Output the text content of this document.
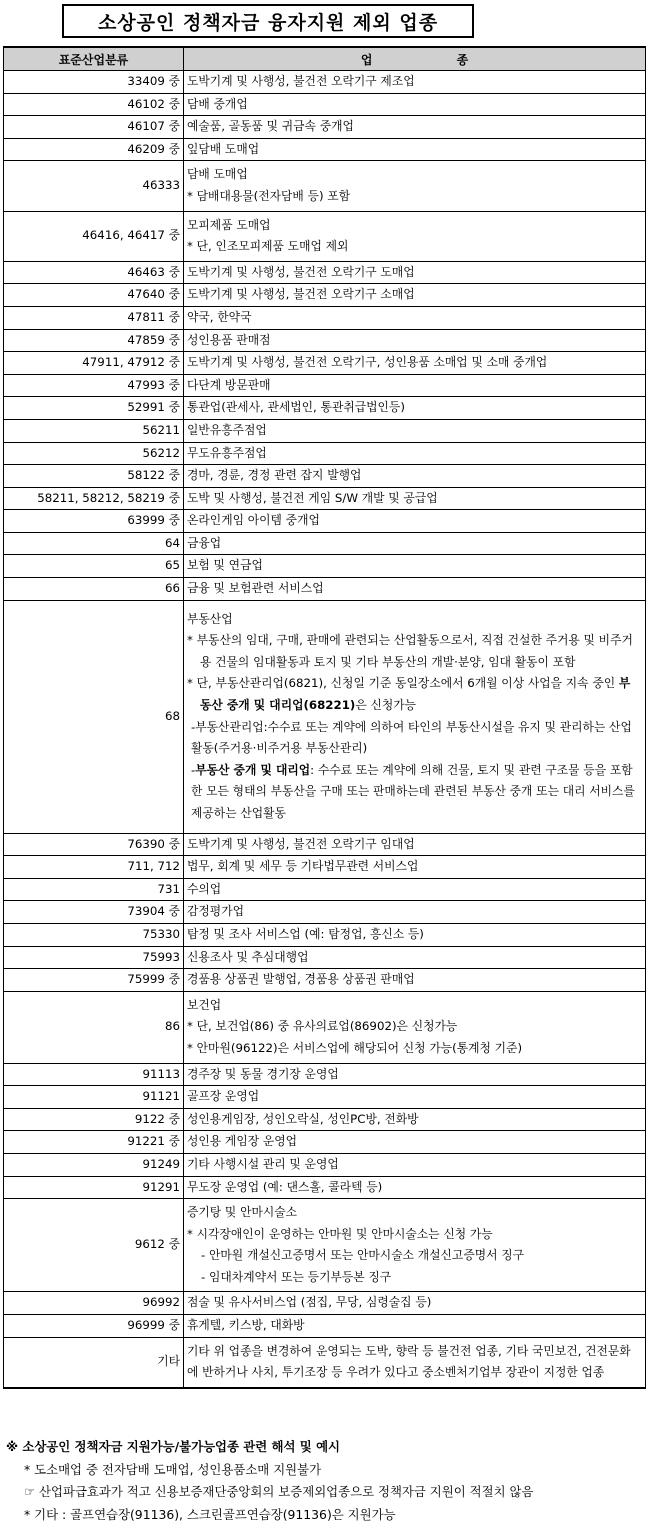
소상공인 정책자금 융자지원 제외 업종
표준산업분류	업 종
33409 중	도박기계 및 사행성, 불건전 오락기구 제조업

46102 중	담배 중개업

46107 중	예술품, 골동품 및 귀금속 중개업

46209 중	잎담배 도매업

46333	담배 도매업
* 담배대용물(전자담배 등) 포함

46416, 46417 중	모피제품 도매업
* 단, 인조모피제품 도매업 제외

46463 중	도박기계 및 사행성, 불건전 오락기구 도매업

47640 중	도박기계 및 사행성, 불건전 오락기구 소매업

47811 중	약국, 한약국

47859 중	성인용품 판매점

47911, 47912 중	도박기계 및 사행성, 불건전 오락기구, 성인용품 소매업 및 소매 중개업

47993 중	다단계 방문판매

52991 중	통관업(관세사, 관세법인, 통관취급법인등)

56211	일반유흥주점업

56212	무도유흥주점업

58122 중	경마, 경륜, 경정 관련 잡지 발행업

58211, 58212, 58219 중	도박 및 사행성, 불건전 게임 S/W 개발 및 공급업

63999 중	온라인게임 아이템 중개업

64	금융업

65	보험 및 연금업

66	금융 및 보험관련 서비스업

68	부동산업
* 부동산의 임대, 구매, 판매에 관련되는 산업활동으로서, 직접 건설한 주거용 및 비주거용 건물의 임대활동과 토지 및 기타 부동산의 개발·분양, 임대 활동이 포함
* 단, 부동산관리업(6821), 신청일 기준 동일장소에서 6개월 이상 사업을 지속 중인 부동산 중개 및 대리업(68221)은 신청가능
-부동산관리업:수수료 또는 계약에 의하여 타인의 부동산시설을 유지 및 관리하는 산업활동(주거용·비주거용 부동산관리)
-부동산 중개 및 대리업: 수수료 또는 계약에 의해 건물, 토지 및 관련 구조물 등을 포함한 모든 형태의 부동산을 구매 또는 판매하는데 관련된 부동산 중개 또는 대리 서비스를 제공하는 산업활동

76390 중	도박기계 및 사행성, 불건전 오락기구 임대업

711, 712	법무, 회계 및 세무 등 기타법무관련 서비스업

731	수의업

73904 중	감정평가업

75330	탐정 및 조사 서비스업 (예: 탐정업, 흥신소 등)

75993	신용조사 및 추심대행업

75999 중	경품용 상품권 발행업, 경품용 상품권 판매업

86	보건업
* 단, 보건업(86) 중 유사의료업(86902)은 신청가능
* 안마원(96122)은 서비스업에 해당되어 신청 가능(통계청 기준)

91113	경주장 및 동물 경기장 운영업

91121	골프장 운영업

9122 중	성인용게임장, 성인오락실, 성인PC방, 전화방

91221 중	성인용 게임장 운영업

91249	기타 사행시설 관리 및 운영업

91291	무도장 운영업 (예: 댄스홀, 콜라텍 등)

9612 중	증기탕 및 안마시술소
* 시각장애인이 운영하는 안마원 및 안마시술소는 신청 가능
- 안마원 개설신고증명서 또는 안마시술소 개설신고증명서 징구
- 임대차계약서 또는 등기부등본 징구

96992	점술 및 유사서비스업 (점집, 무당, 심령술집 등)

96999 중	휴게텔, 키스방, 대화방

기타	기타 위 업종을 변경하여 운영되는 도박, 향락 등 불건전 업종, 기타 국민보건, 건전문화에 반하거나 사치, 투기조장 등 우려가 있다고 중소벤처기업부 장관이 지정한 업종
※ 소상공인 정책자금 지원가능/불가능업종 관련 해석 및 예시
* 도소매업 중 전자담배 도매업, 성인용품소매 지원불가
☞ 산업파급효과가 적고 신용보증재단중앙회의 보증제외업종으로 정책자금 지원이 적절치 않음
* 기타 : 골프연습장(91136), 스크린골프연습장(91136)은 지원가능
